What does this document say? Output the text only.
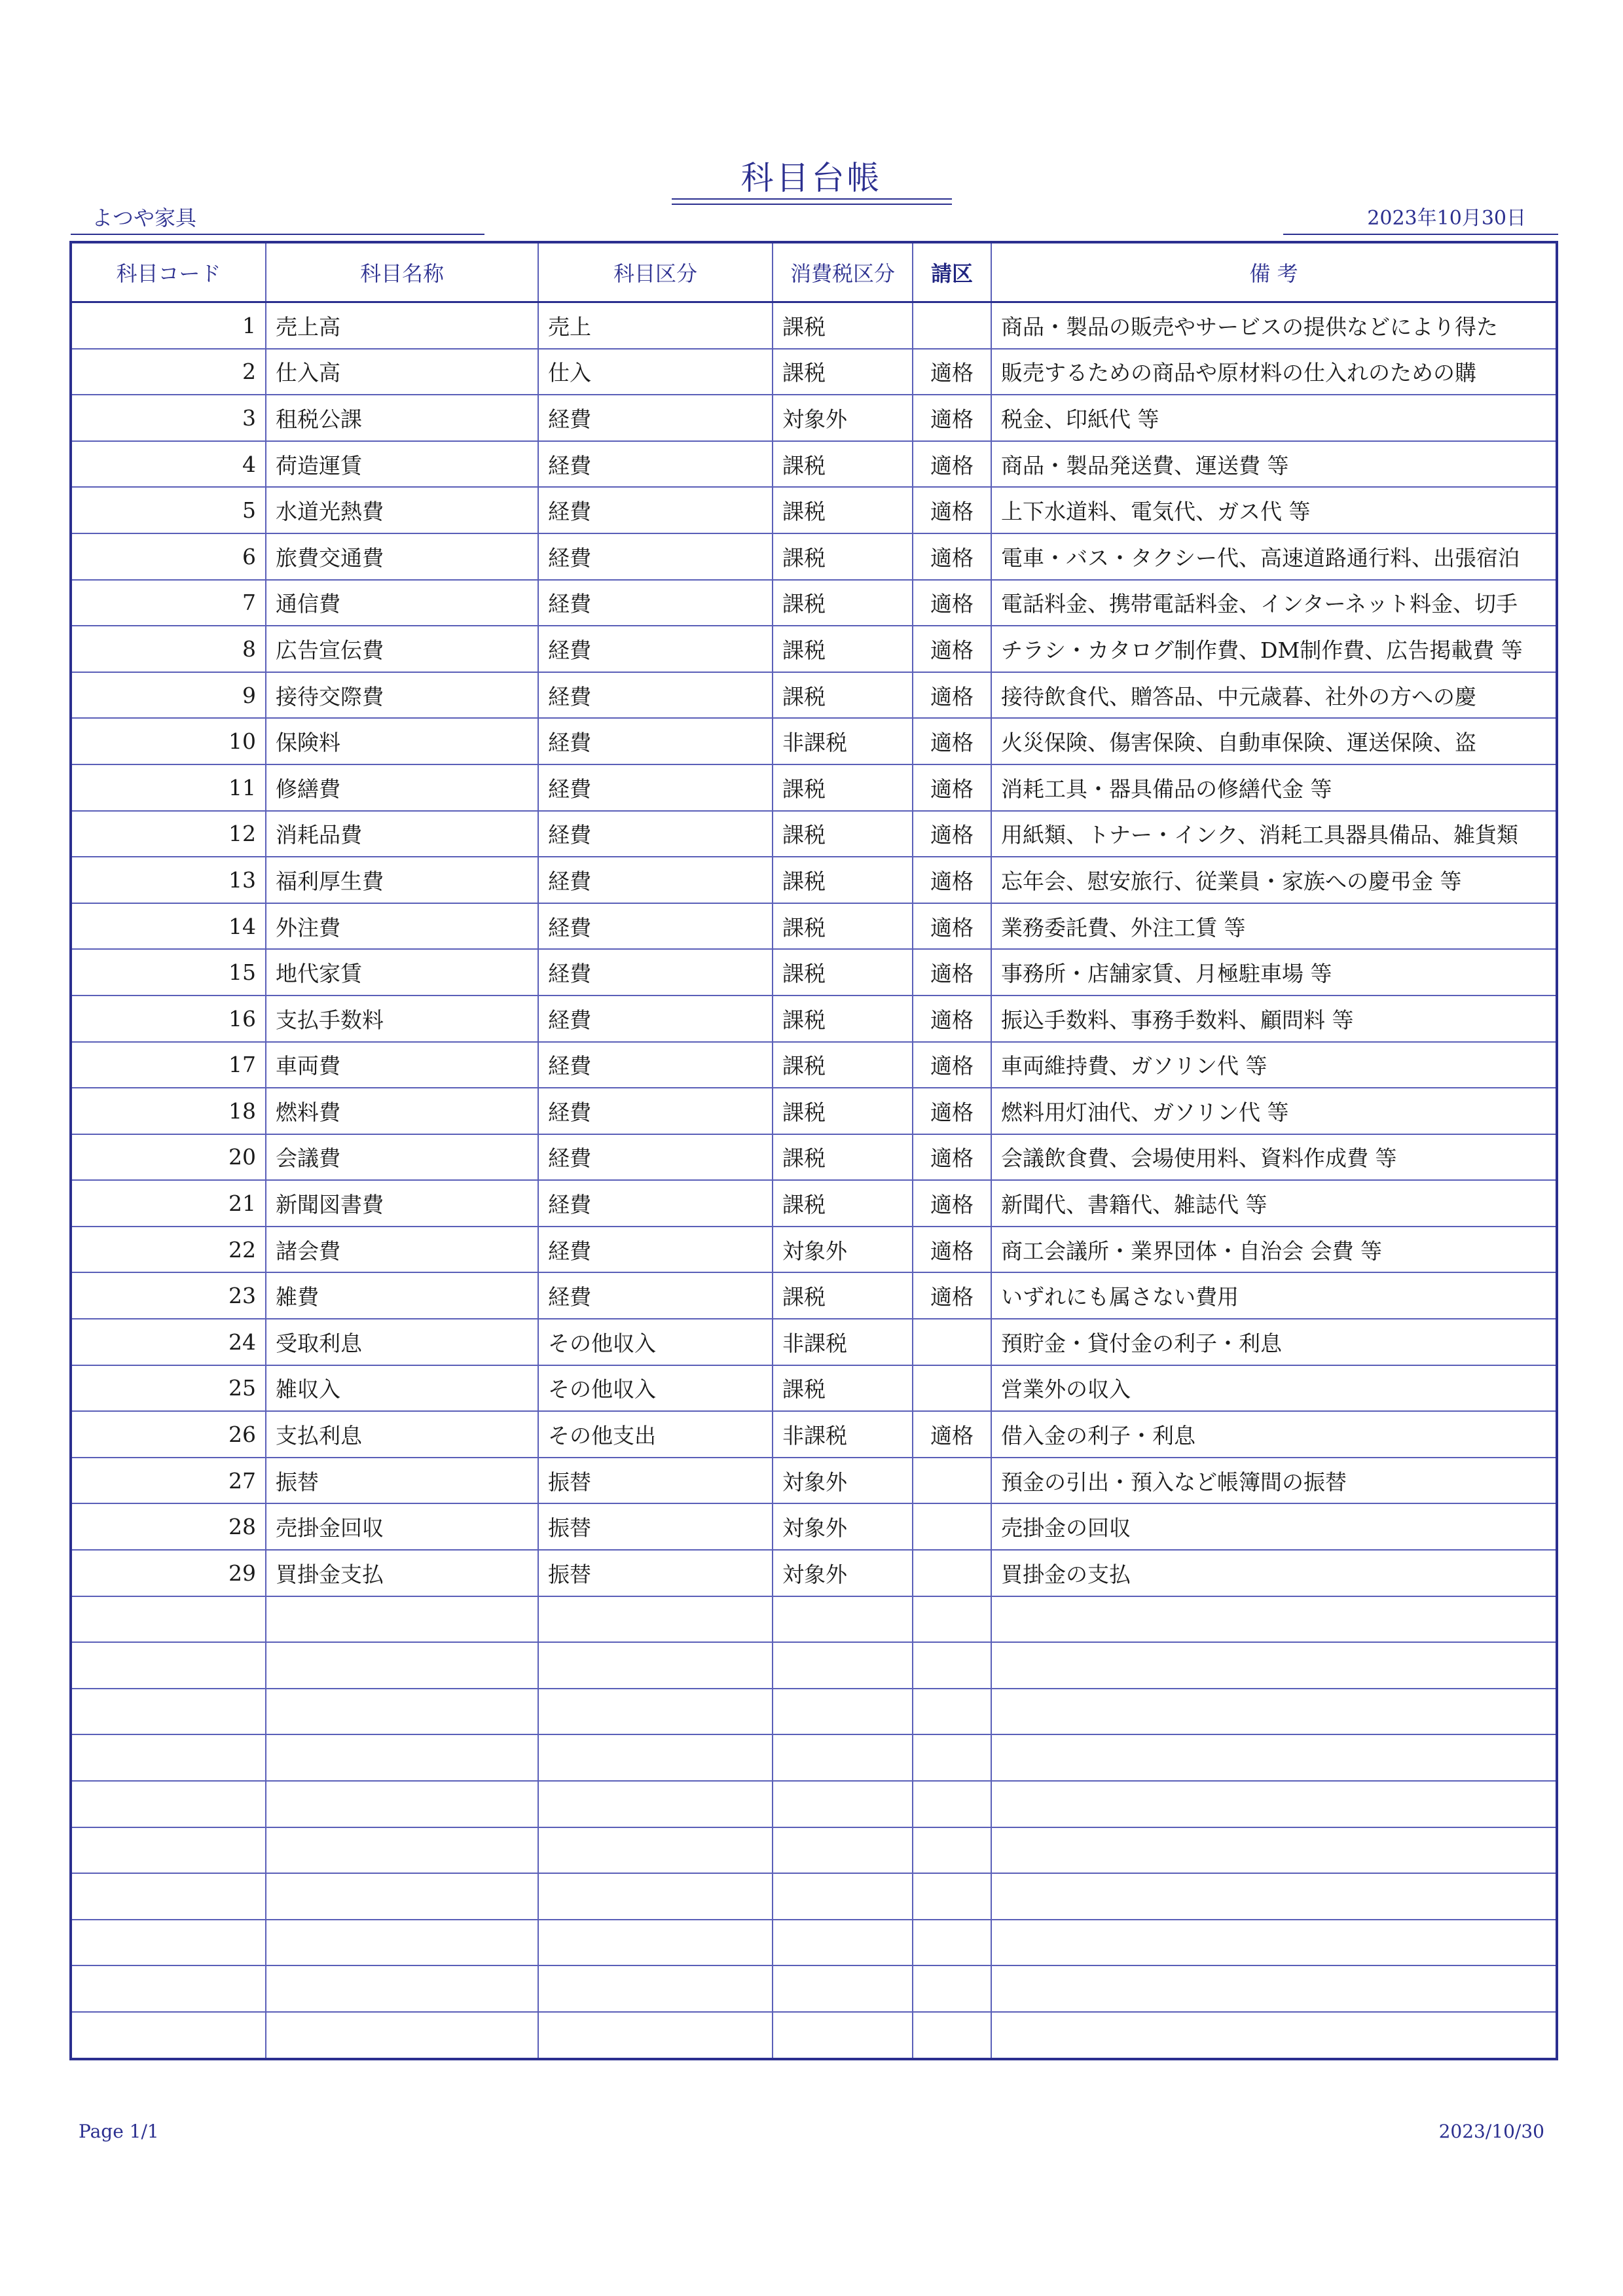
科目台帳
よつや家具	2023年10月30日
科目コード	科目名称	科目区分	消費税区分	請区	備 考
1	売上高	売上	課税		商品・製品の販売やサービスの提供などにより得た
2	仕入高	仕入	課税	適格	販売するための商品や原材料の仕入れのための購
3	租税公課	経費	対象外	適格	税金、印紙代 等
4	荷造運賃	経費	課税	適格	商品・製品発送費、運送費 等
5	水道光熱費	経費	課税	適格	上下水道料、電気代、ガス代 等
6	旅費交通費	経費	課税	適格	電車・バス・タクシー代、高速道路通行料、出張宿泊
7	通信費	経費	課税	適格	電話料金、携帯電話料金、インターネット料金、切手
8	広告宣伝費	経費	課税	適格	チラシ・カタログ制作費、DM制作費、広告掲載費 等
9	接待交際費	経費	課税	適格	接待飲食代、贈答品、中元歳暮、社外の方への慶
10	保険料	経費	非課税	適格	火災保険、傷害保険、自動車保険、運送保険、盗
11	修繕費	経費	課税	適格	消耗工具・器具備品の修繕代金 等
12	消耗品費	経費	課税	適格	用紙類、トナー・インク、消耗工具器具備品、雑貨類
13	福利厚生費	経費	課税	適格	忘年会、慰安旅行、従業員・家族への慶弔金 等
14	外注費	経費	課税	適格	業務委託費、外注工賃 等
15	地代家賃	経費	課税	適格	事務所・店舗家賃、月極駐車場 等
16	支払手数料	経費	課税	適格	振込手数料、事務手数料、顧問料 等
17	車両費	経費	課税	適格	車両維持費、ガソリン代 等
18	燃料費	経費	課税	適格	燃料用灯油代、ガソリン代 等
20	会議費	経費	課税	適格	会議飲食費、会場使用料、資料作成費 等
21	新聞図書費	経費	課税	適格	新聞代、書籍代、雑誌代 等
22	諸会費	経費	対象外	適格	商工会議所・業界団体・自治会 会費 等
23	雑費	経費	課税	適格	いずれにも属さない費用
24	受取利息	その他収入	非課税		預貯金・貸付金の利子・利息
25	雑収入	その他収入	課税		営業外の収入
26	支払利息	その他支出	非課税	適格	借入金の利子・利息
27	振替	振替	対象外		預金の引出・預入など帳簿間の振替
28	売掛金回収	振替	対象外		売掛金の回収
29	買掛金支払	振替	対象外		買掛金の支払

Page 1/1	2023/10/30
